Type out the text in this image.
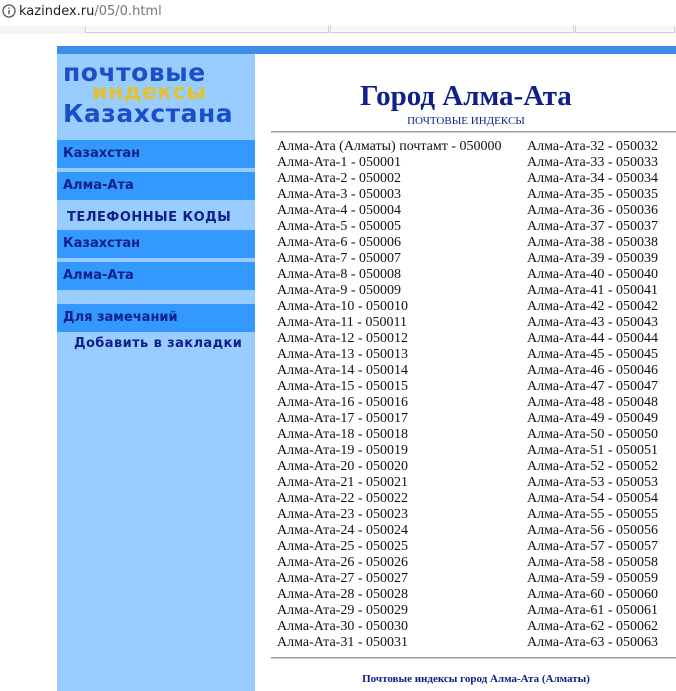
kazindex.ru/05/0.html
почтовые
индексы
Казахстана
Казахстан
Алма-Ата
ТЕЛЕФОННЫЕ КОДЫ
Казахстан
Алма-Ата
Для замечаний
Добавить в закладки
Город Алма-Ата
ПОЧТОВЫЕ ИНДЕКСЫ
Алма-Ата (Алматы) почтамт - 050000
Алма-Ата-1 - 050001
Алма-Ата-2 - 050002
Алма-Ата-3 - 050003
Алма-Ата-4 - 050004
Алма-Ата-5 - 050005
Алма-Ата-6 - 050006
Алма-Ата-7 - 050007
Алма-Ата-8 - 050008
Алма-Ата-9 - 050009
Алма-Ата-10 - 050010
Алма-Ата-11 - 050011
Алма-Ата-12 - 050012
Алма-Ата-13 - 050013
Алма-Ата-14 - 050014
Алма-Ата-15 - 050015
Алма-Ата-16 - 050016
Алма-Ата-17 - 050017
Алма-Ата-18 - 050018
Алма-Ата-19 - 050019
Алма-Ата-20 - 050020
Алма-Ата-21 - 050021
Алма-Ата-22 - 050022
Алма-Ата-23 - 050023
Алма-Ата-24 - 050024
Алма-Ата-25 - 050025
Алма-Ата-26 - 050026
Алма-Ата-27 - 050027
Алма-Ата-28 - 050028
Алма-Ата-29 - 050029
Алма-Ата-30 - 050030
Алма-Ата-31 - 050031
Алма-Ата-32 - 050032
Алма-Ата-33 - 050033
Алма-Ата-34 - 050034
Алма-Ата-35 - 050035
Алма-Ата-36 - 050036
Алма-Ата-37 - 050037
Алма-Ата-38 - 050038
Алма-Ата-39 - 050039
Алма-Ата-40 - 050040
Алма-Ата-41 - 050041
Алма-Ата-42 - 050042
Алма-Ата-43 - 050043
Алма-Ата-44 - 050044
Алма-Ата-45 - 050045
Алма-Ата-46 - 050046
Алма-Ата-47 - 050047
Алма-Ата-48 - 050048
Алма-Ата-49 - 050049
Алма-Ата-50 - 050050
Алма-Ата-51 - 050051
Алма-Ата-52 - 050052
Алма-Ата-53 - 050053
Алма-Ата-54 - 050054
Алма-Ата-55 - 050055
Алма-Ата-56 - 050056
Алма-Ата-57 - 050057
Алма-Ата-58 - 050058
Алма-Ата-59 - 050059
Алма-Ата-60 - 050060
Алма-Ата-61 - 050061
Алма-Ата-62 - 050062
Алма-Ата-63 - 050063
Почтовые индексы город Алма-Ата (Алматы)
